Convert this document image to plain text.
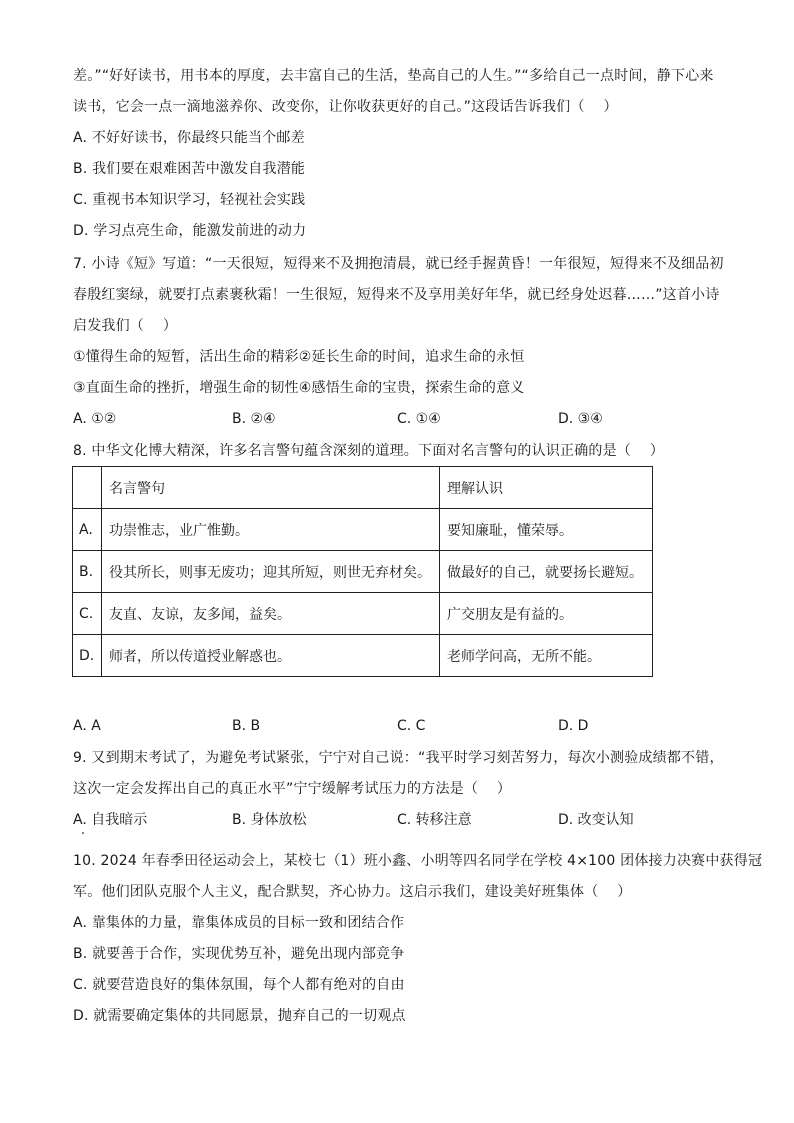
差。”“好好读书，用书本的厚度，去丰富自己的生活，垫高自己的人生。”“多给自己一点时间，静下心来
读书，它会一点一滴地滋养你、改变你，让你收获更好的自己。”这段话告诉我们（　 ）
A. 不好好读书，你最终只能当个邮差
B. 我们要在艰难困苦中激发自我潜能
C. 重视书本知识学习，轻视社会实践
D. 学习点亮生命，能激发前进的动力
7. 小诗《短》写道：“一天很短，短得来不及拥抱清晨，就已经手握黄昏！一年很短，短得来不及细品初
春殷红窦绿，就要打点素裹秋霜！一生很短，短得来不及享用美好年华，就已经身处迟暮……”这首小诗
启发我们（　 ）
①懂得生命的短暂，活出生命的精彩②延长生命的时间，追求生命的永恒
③直面生命的挫折，增强生命的韧性④感悟生命的宝贵，探索生命的意义
A. ①②	B. ②④	C. ①④	D. ③④
8. 中华文化博大精深，许多名言警句蕴含深刻的道理。下面对名言警句的认识正确的是（　 ）
	名言警句	理解认识
A.	功崇惟志，业广惟勤。	要知廉耻，懂荣辱。
B.	役其所长，则事无废功；迎其所短，则世无弃材矣。	做最好的自己，就要扬长避短。
C.	友直、友谅，友多闻，益矣。	广交朋友是有益的。
D.	师者，所以传道授业解惑也。	老师学问高，无所不能。
A. A	B. B	C. C	D. D
9. 又到期末考试了，为避免考试紧张，宁宁对自己说：“我平时学习刻苦努力，每次小测验成绩都不错，
这次一定会发挥出自己的真正水平”宁宁缓解考试压力的方法是（　 ）
A. 自我暗示	B. 身体放松	C. 转移注意	D. 改变认知
10. 2024 年春季田径运动会上，某校七（1）班小鑫、小明等四名同学在学校 4×100 团体接力决赛中获得冠
军。他们团队克服个人主义，配合默契，齐心协力。这启示我们，建设美好班集体（　 ）
A. 靠集体的力量，靠集体成员的目标一致和团结合作
B. 就要善于合作，实现优势互补，避免出现内部竞争
C. 就要营造良好的集体氛围，每个人都有绝对的自由
D. 就需要确定集体的共同愿景，抛弃自己的一切观点
